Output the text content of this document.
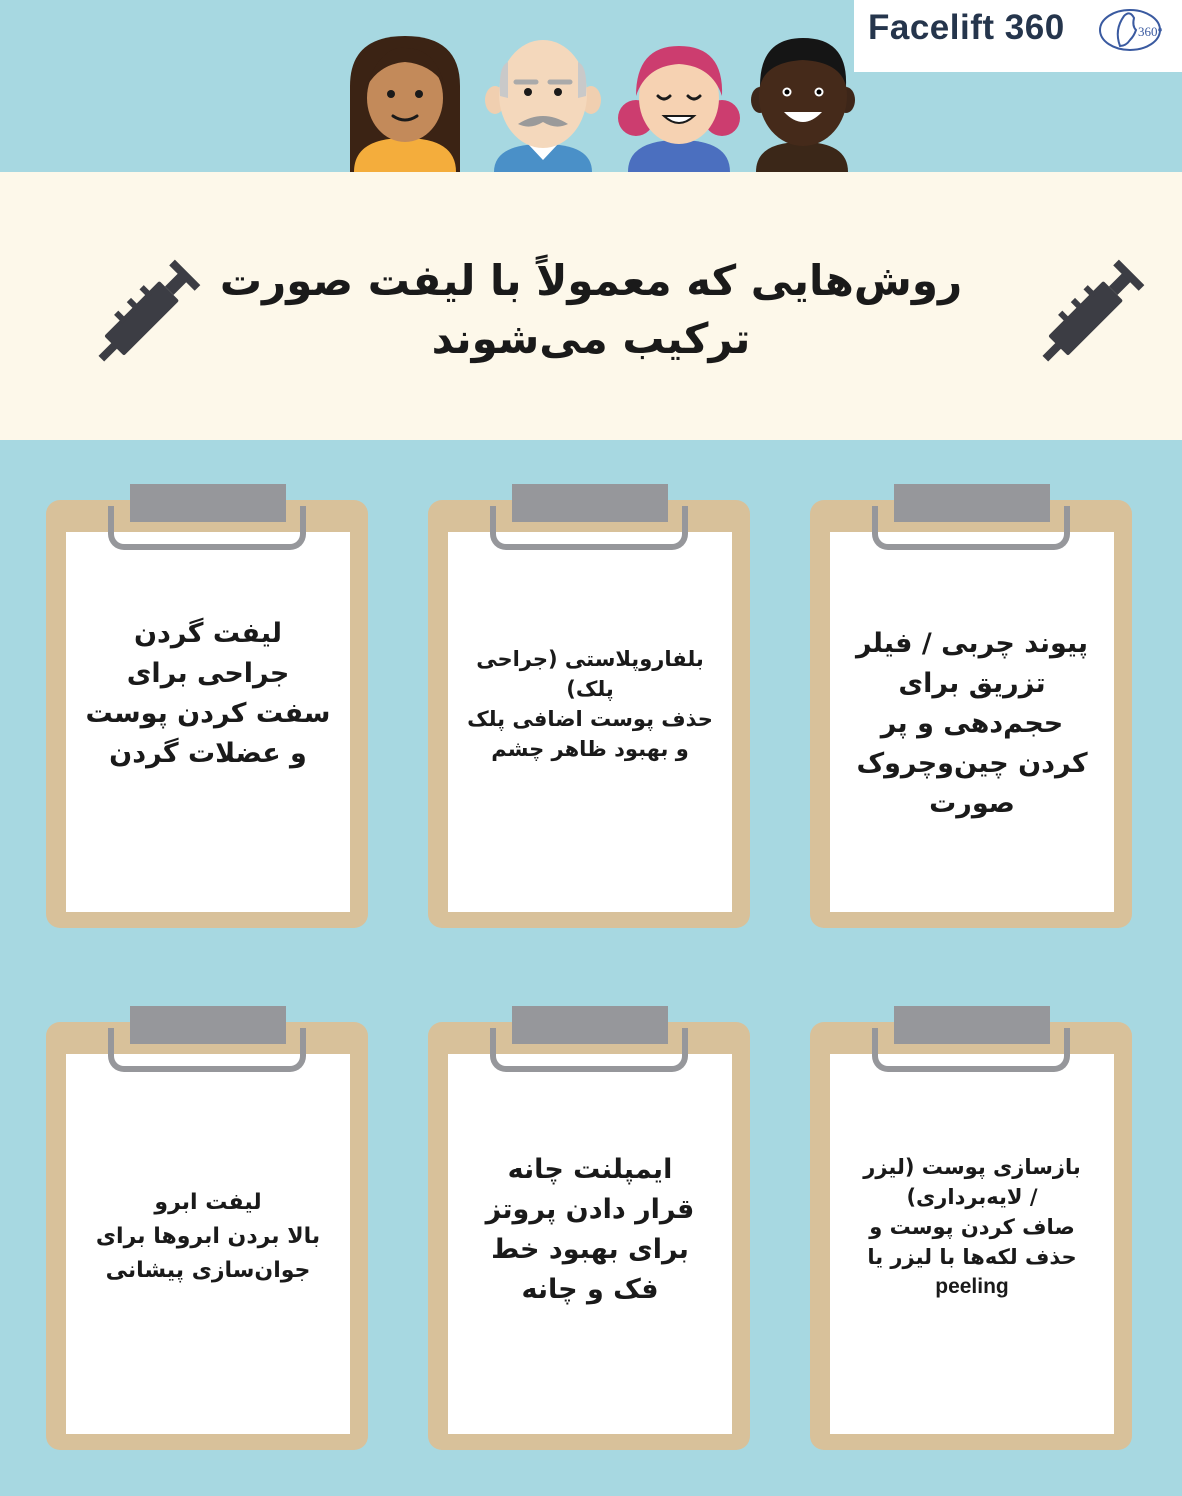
Facelift 360	360°
روش‌هایی که معمولاً با لیفت صورت
ترکیب می‌شوند
پیوند چربی / فیلر
تزریق برای
حجم‌دهی و پر
کردن چین‌وچروک
صورت
بلفاروپلاستی (جراحی
پلک)
حذف پوست اضافی پلک
و بهبود ظاهر چشم
لیفت گردن
جراحی برای
سفت کردن پوست
و عضلات گردن
بازسازی پوست (لیزر
/ لایه‌برداری)
صاف کردن پوست و
حذف لکه‌ها با لیزر یا
peeling
ایمپلنت چانه
قرار دادن پروتز
برای بهبود خط
فک و چانه
لیفت ابرو
بالا بردن ابروها برای
جوان‌سازی پیشانی
